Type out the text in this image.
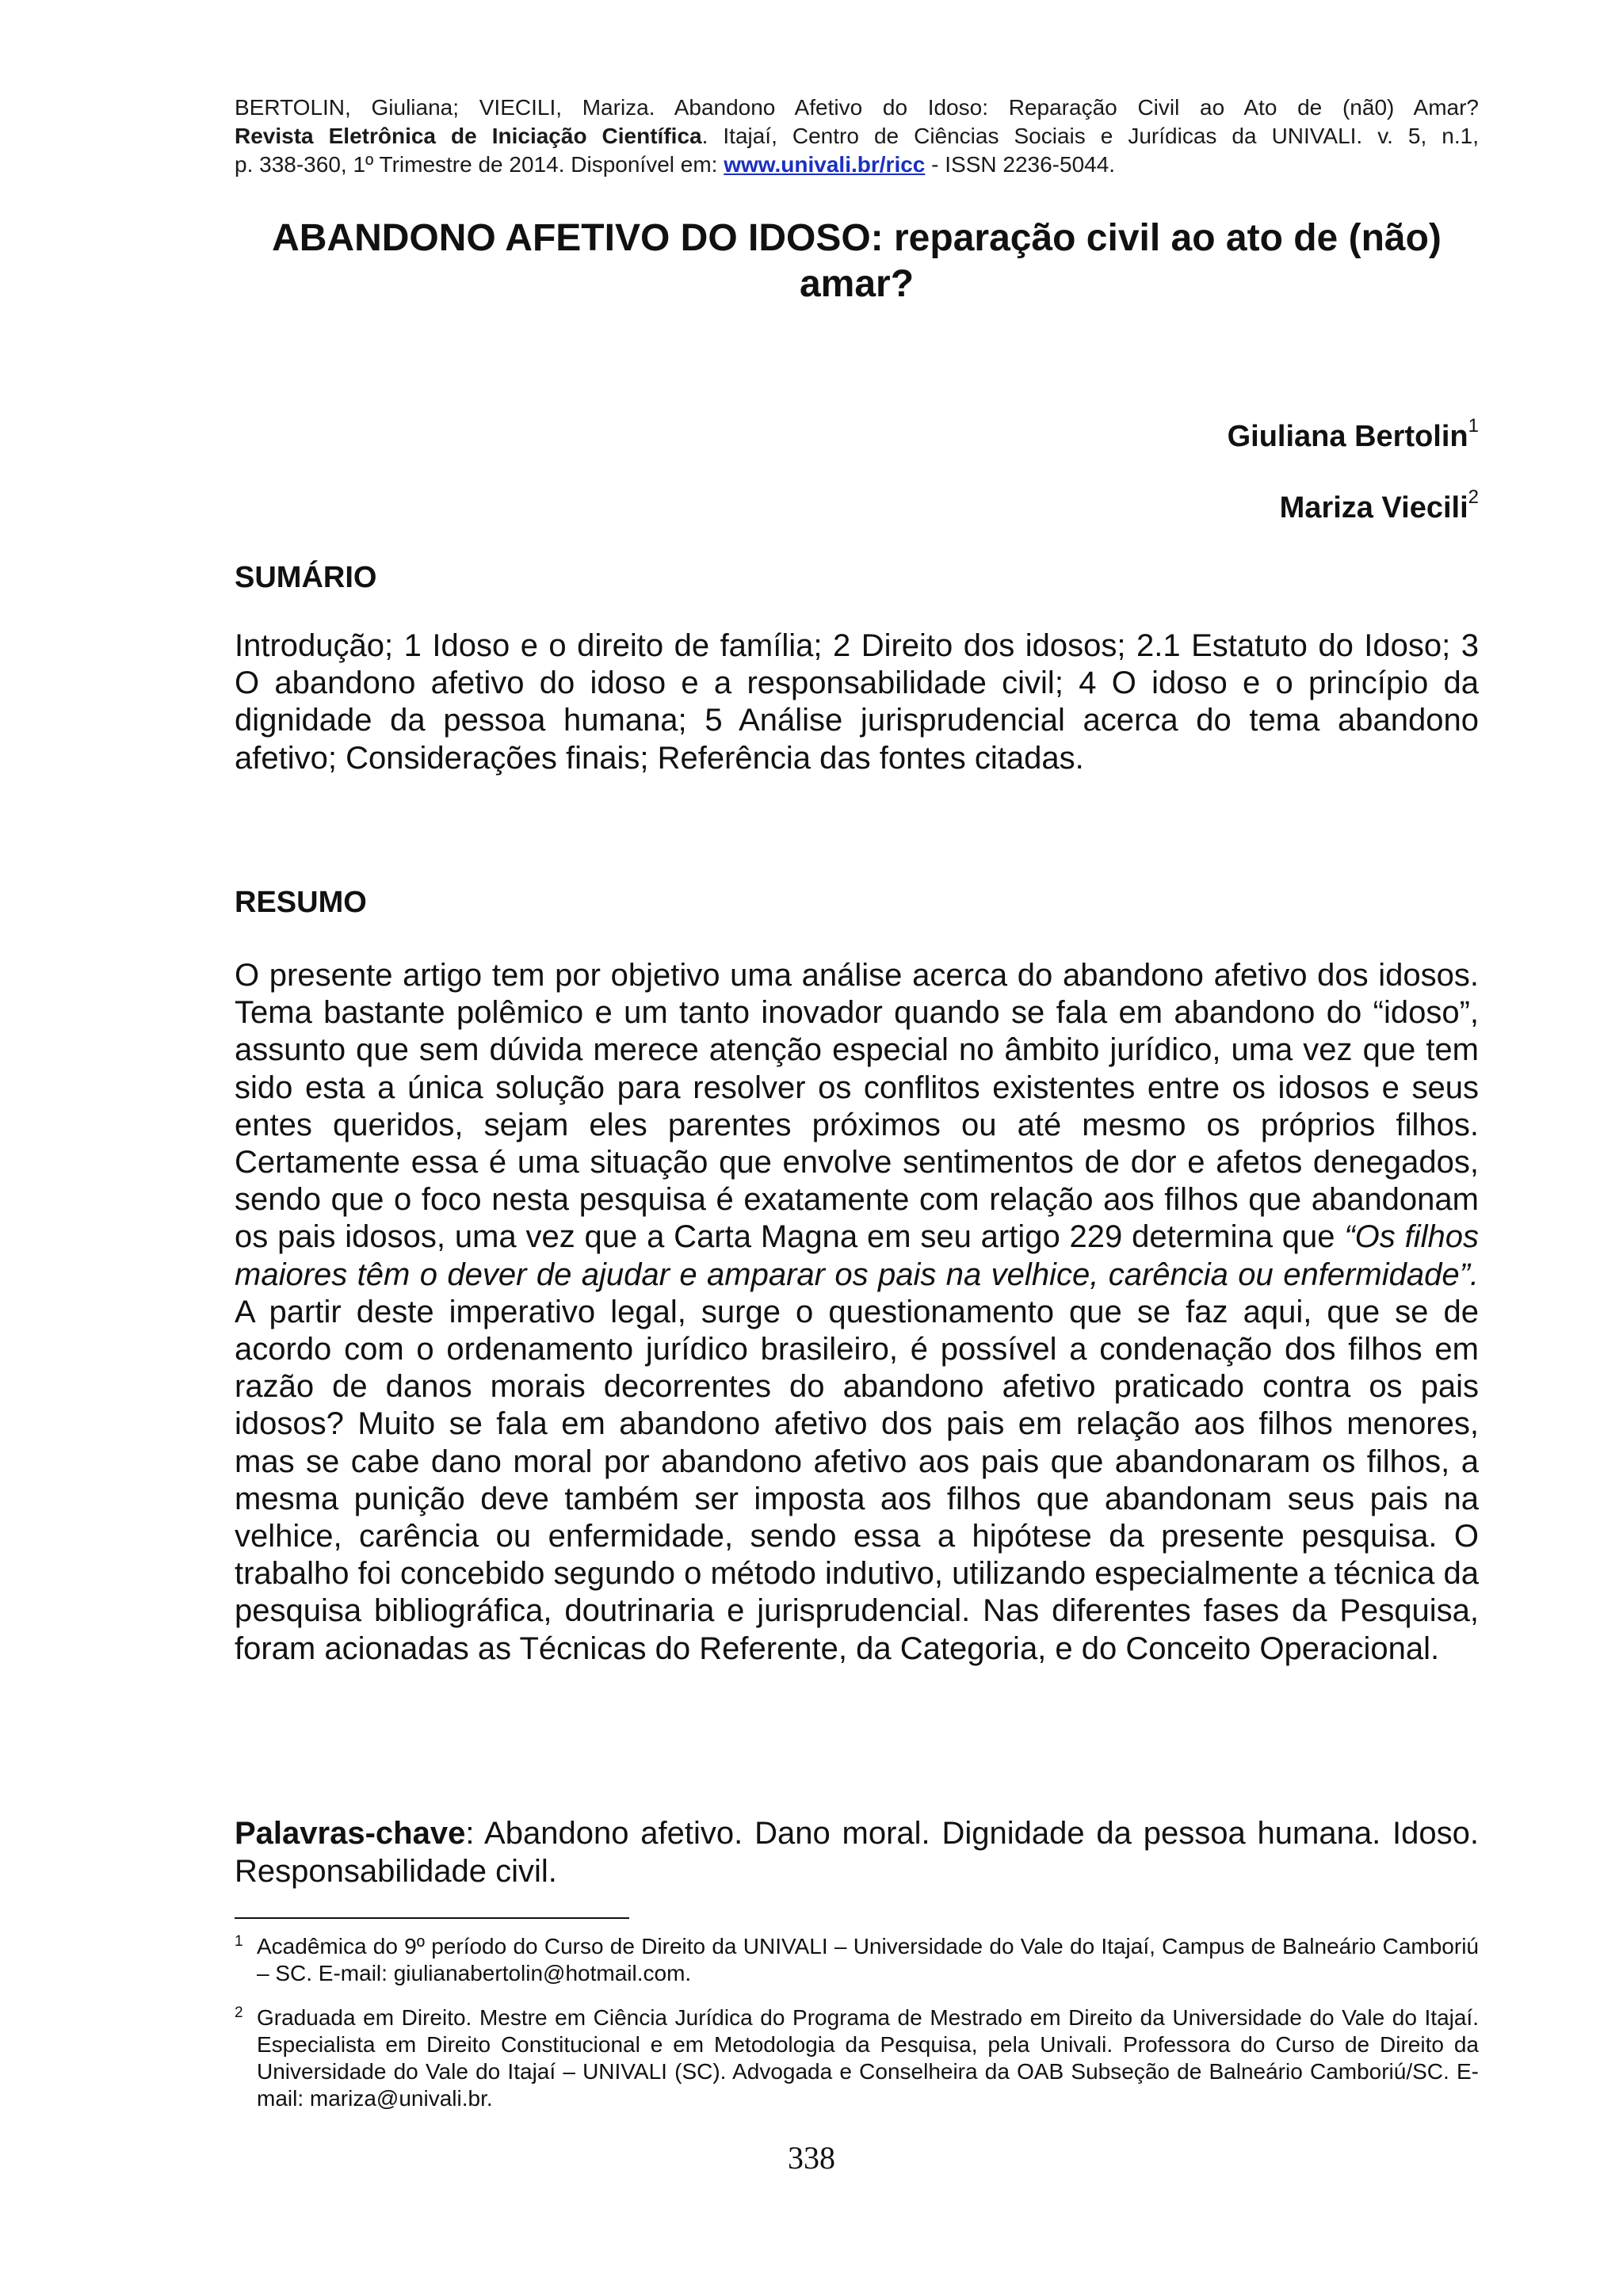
BERTOLIN, Giuliana; VIECILI, Mariza. Abandono Afetivo do Idoso: Reparação Civil ao Ato de (nã0) Amar?
Revista Eletrônica de Iniciação Científica. Itajaí, Centro de Ciências Sociais e Jurídicas da UNIVALI. v. 5, n.1,
p. 338-360, 1º Trimestre de 2014. Disponível em: www.univali.br/ricc - ISSN 2236-5044.
ABANDONO AFETIVO DO IDOSO: reparação civil ao ato de (não) amar?
Giuliana Bertolin$^1$
Mariza Viecili$^2$
SUMÁRIO
Introdução; 1 Idoso e o direito de família; 2 Direito dos idosos; 2.1 Estatuto do Idoso; 3 O abandono afetivo do idoso e a responsabilidade civil; 4 O idoso e o princípio da dignidade da pessoa humana; 5 Análise jurisprudencial acerca do tema abandono afetivo; Considerações finais; Referência das fontes citadas.
RESUMO
O presente artigo tem por objetivo uma análise acerca do abandono afetivo dos idosos. Tema bastante polêmico e um tanto inovador quando se fala em abandono do “idoso”, assunto que sem dúvida merece atenção especial no âmbito jurídico, uma vez que tem sido esta a única solução para resolver os conflitos existentes entre os idosos e seus entes queridos, sejam eles parentes próximos ou até mesmo os próprios filhos. Certamente essa é uma situação que envolve sentimentos de dor e afetos denegados, sendo que o foco nesta pesquisa é exatamente com relação aos filhos que abandonam os pais idosos, uma vez que a Carta Magna em seu artigo 229 determina que “Os filhos maiores têm o dever de ajudar e amparar os pais na velhice, carência ou enfermidade”. A partir deste imperativo legal, surge o questionamento que se faz aqui, que se de acordo com o ordenamento jurídico brasileiro, é possível a condenação dos filhos em razão de danos morais decorrentes do abandono afetivo praticado contra os pais idosos? Muito se fala em abandono afetivo dos pais em relação aos filhos menores, mas se cabe dano moral por abandono afetivo aos pais que abandonaram os filhos, a mesma punição deve também ser imposta aos filhos que abandonam seus pais na velhice, carência ou enfermidade, sendo essa a hipótese da presente pesquisa. O trabalho foi concebido segundo o método indutivo, utilizando especialmente a técnica da pesquisa bibliográfica, doutrinaria e jurisprudencial. Nas diferentes fases da Pesquisa, foram acionadas as Técnicas do Referente, da Categoria, e do Conceito Operacional.
Palavras-chave: Abandono afetivo. Dano moral. Dignidade da pessoa humana. Idoso. Responsabilidade civil.
1 Acadêmica do 9º período do Curso de Direito da UNIVALI – Universidade do Vale do Itajaí, Campus de Balneário Camboriú – SC. E-mail: giulianabertolin@hotmail.com.
2 Graduada em Direito. Mestre em Ciência Jurídica do Programa de Mestrado em Direito da Universidade do Vale do Itajaí. Especialista em Direito Constitucional e em Metodologia da Pesquisa, pela Univali. Professora do Curso de Direito da Universidade do Vale do Itajaí – UNIVALI (SC). Advogada e Conselheira da OAB Subseção de Balneário Camboriú/SC. E-mail: mariza@univali.br.
338
